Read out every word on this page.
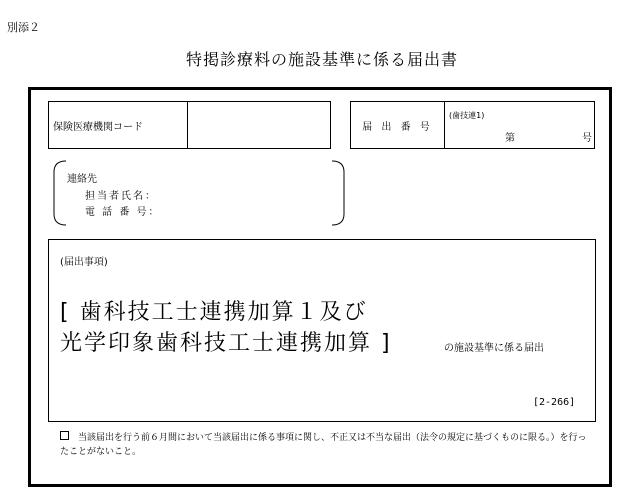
別添２
特掲診療料の施設基準に係る届出書
保険医療機関コード	届 出 番 号
(歯技連1)
第	号
連絡先
担当者氏名：
電 話 番 号：
(届出事項)
[ 歯科技工士連携加算１及び
光学印象歯科技工士連携加算 ]	の施設基準に係る届出
[2-266]
当該届出を行う前６月間において当該届出に係る事項に関し、不正又は不当な届出（法令の規定に基づくものに限る。）を行ったことがないこと。
